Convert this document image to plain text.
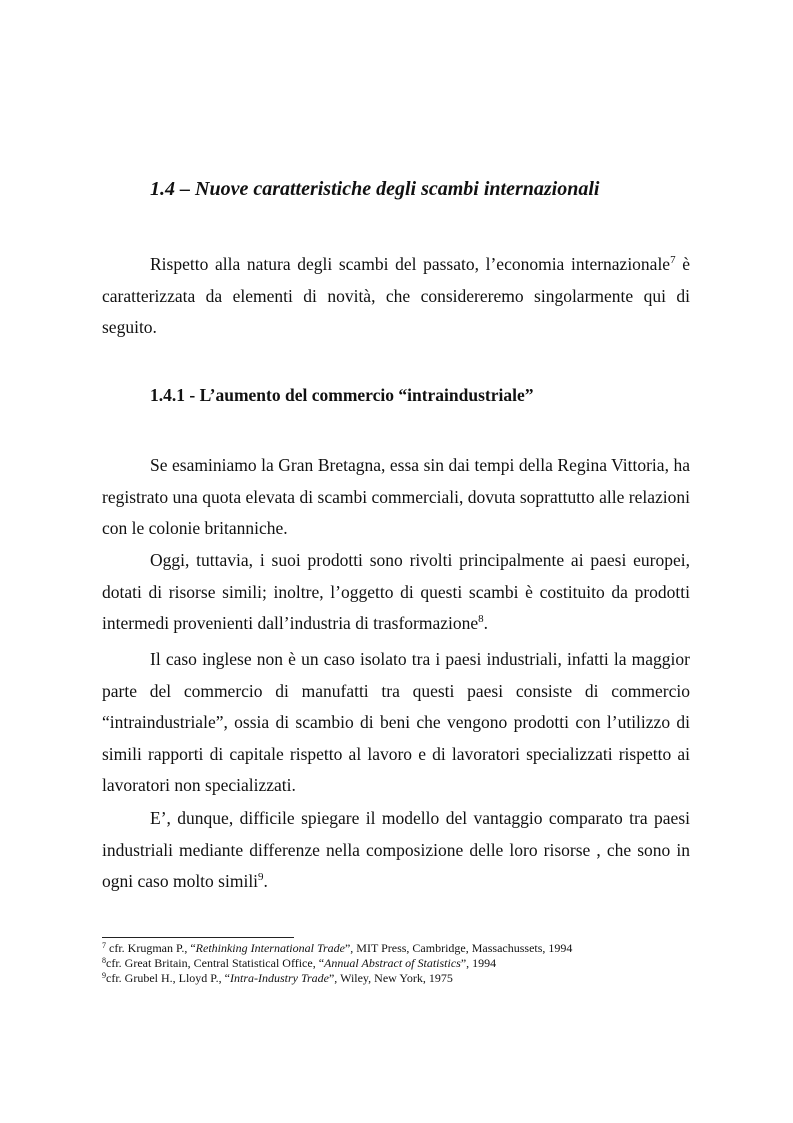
1.4 – Nuove caratteristiche degli scambi internazionali

Rispetto alla natura degli scambi del passato, l’economia internazionale$^7$ è caratterizzata da elementi di novità, che considereremo singolarmente qui di seguito.

1.4.1 - L’aumento del commercio “intraindustriale”

Se esaminiamo la Gran Bretagna, essa sin dai tempi della Regina Vittoria, ha registrato una quota elevata di scambi commerciali, dovuta soprattutto alle relazioni con le colonie britanniche.

Oggi, tuttavia, i suoi prodotti sono rivolti principalmente ai paesi europei, dotati di risorse simili; inoltre, l’oggetto di questi scambi è costituito da prodotti intermedi provenienti dall’industria di trasformazione$^8$.

Il caso inglese non è un caso isolato tra i paesi industriali, infatti la maggior parte del commercio di manufatti tra questi paesi consiste di commercio “intraindustriale”, ossia di scambio di beni che vengono prodotti con l’utilizzo di simili rapporti di capitale rispetto al lavoro e di lavoratori specializzati rispetto ai lavoratori non specializzati.

E’, dunque, difficile spiegare il modello del vantaggio comparato tra paesi industriali mediante differenze nella composizione delle loro risorse , che sono in ogni caso molto simili$^9$.

$^7$ cfr. Krugman P., “Rethinking International Trade”, MIT Press, Cambridge, Massachussets, 1994

$^8$cfr. Great Britain, Central Statistical Office, “Annual Abstract of Statistics”, 1994

$^9$cfr. Grubel H., Lloyd P., “Intra-Industry Trade”, Wiley, New York, 1975
